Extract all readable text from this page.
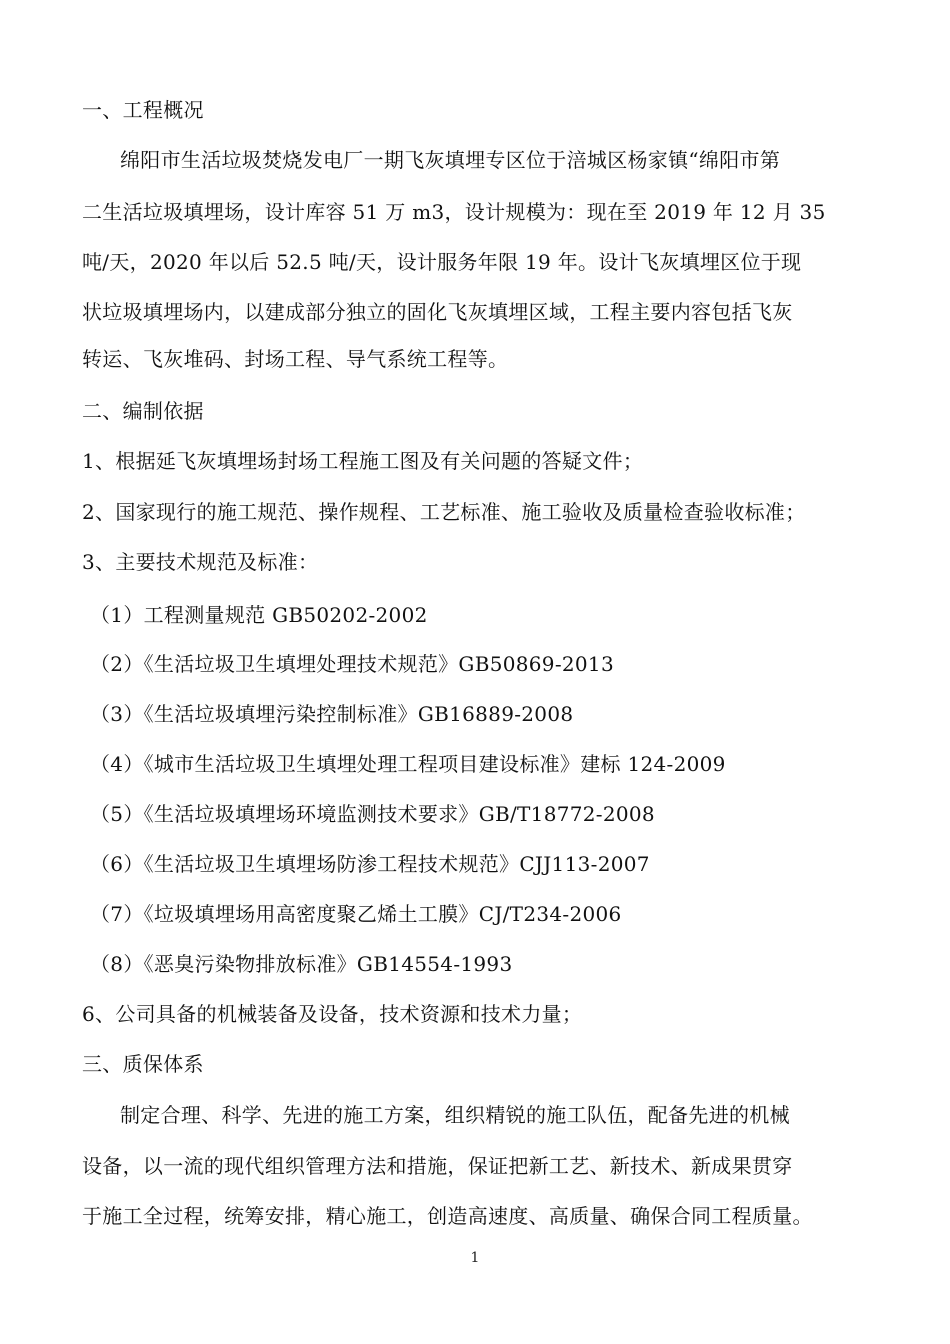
一、工程概况
绵阳市生活垃圾焚烧发电厂一期飞灰填埋专区位于涪城区杨家镇“绵阳市第
二生活垃圾填埋场，设计库容 51 万 m3，设计规模为：现在至 2019 年 12 月 35
吨/天，2020 年以后 52.5 吨/天，设计服务年限 19 年。设计飞灰填埋区位于现
状垃圾填埋场内，以建成部分独立的固化飞灰填埋区域，工程主要内容包括飞灰
转运、飞灰堆码、封场工程、导气系统工程等。
二、编制依据
1、根据延飞灰填埋场封场工程施工图及有关问题的答疑文件；
2、国家现行的施工规范、操作规程、工艺标准、施工验收及质量检查验收标准；
3、主要技术规范及标准：
（1）工程测量规范 GB50202-2002
（2）《生活垃圾卫生填埋处理技术规范》GB50869-2013
（3）《生活垃圾填埋污染控制标准》GB16889-2008
（4）《城市生活垃圾卫生填埋处理工程项目建设标准》建标 124-2009
（5）《生活垃圾填埋场环境监测技术要求》GB/T18772-2008
（6）《生活垃圾卫生填埋场防渗工程技术规范》CJJ113-2007
（7）《垃圾填埋场用高密度聚乙烯土工膜》CJ/T234-2006
（8）《恶臭污染物排放标准》GB14554-1993
6、公司具备的机械装备及设备，技术资源和技术力量；
三、质保体系
制定合理、科学、先进的施工方案，组织精锐的施工队伍，配备先进的机械
设备，以一流的现代组织管理方法和措施，保证把新工艺、新技术、新成果贯穿
于施工全过程，统筹安排，精心施工，创造高速度、高质量、确保合同工程质量。
1
